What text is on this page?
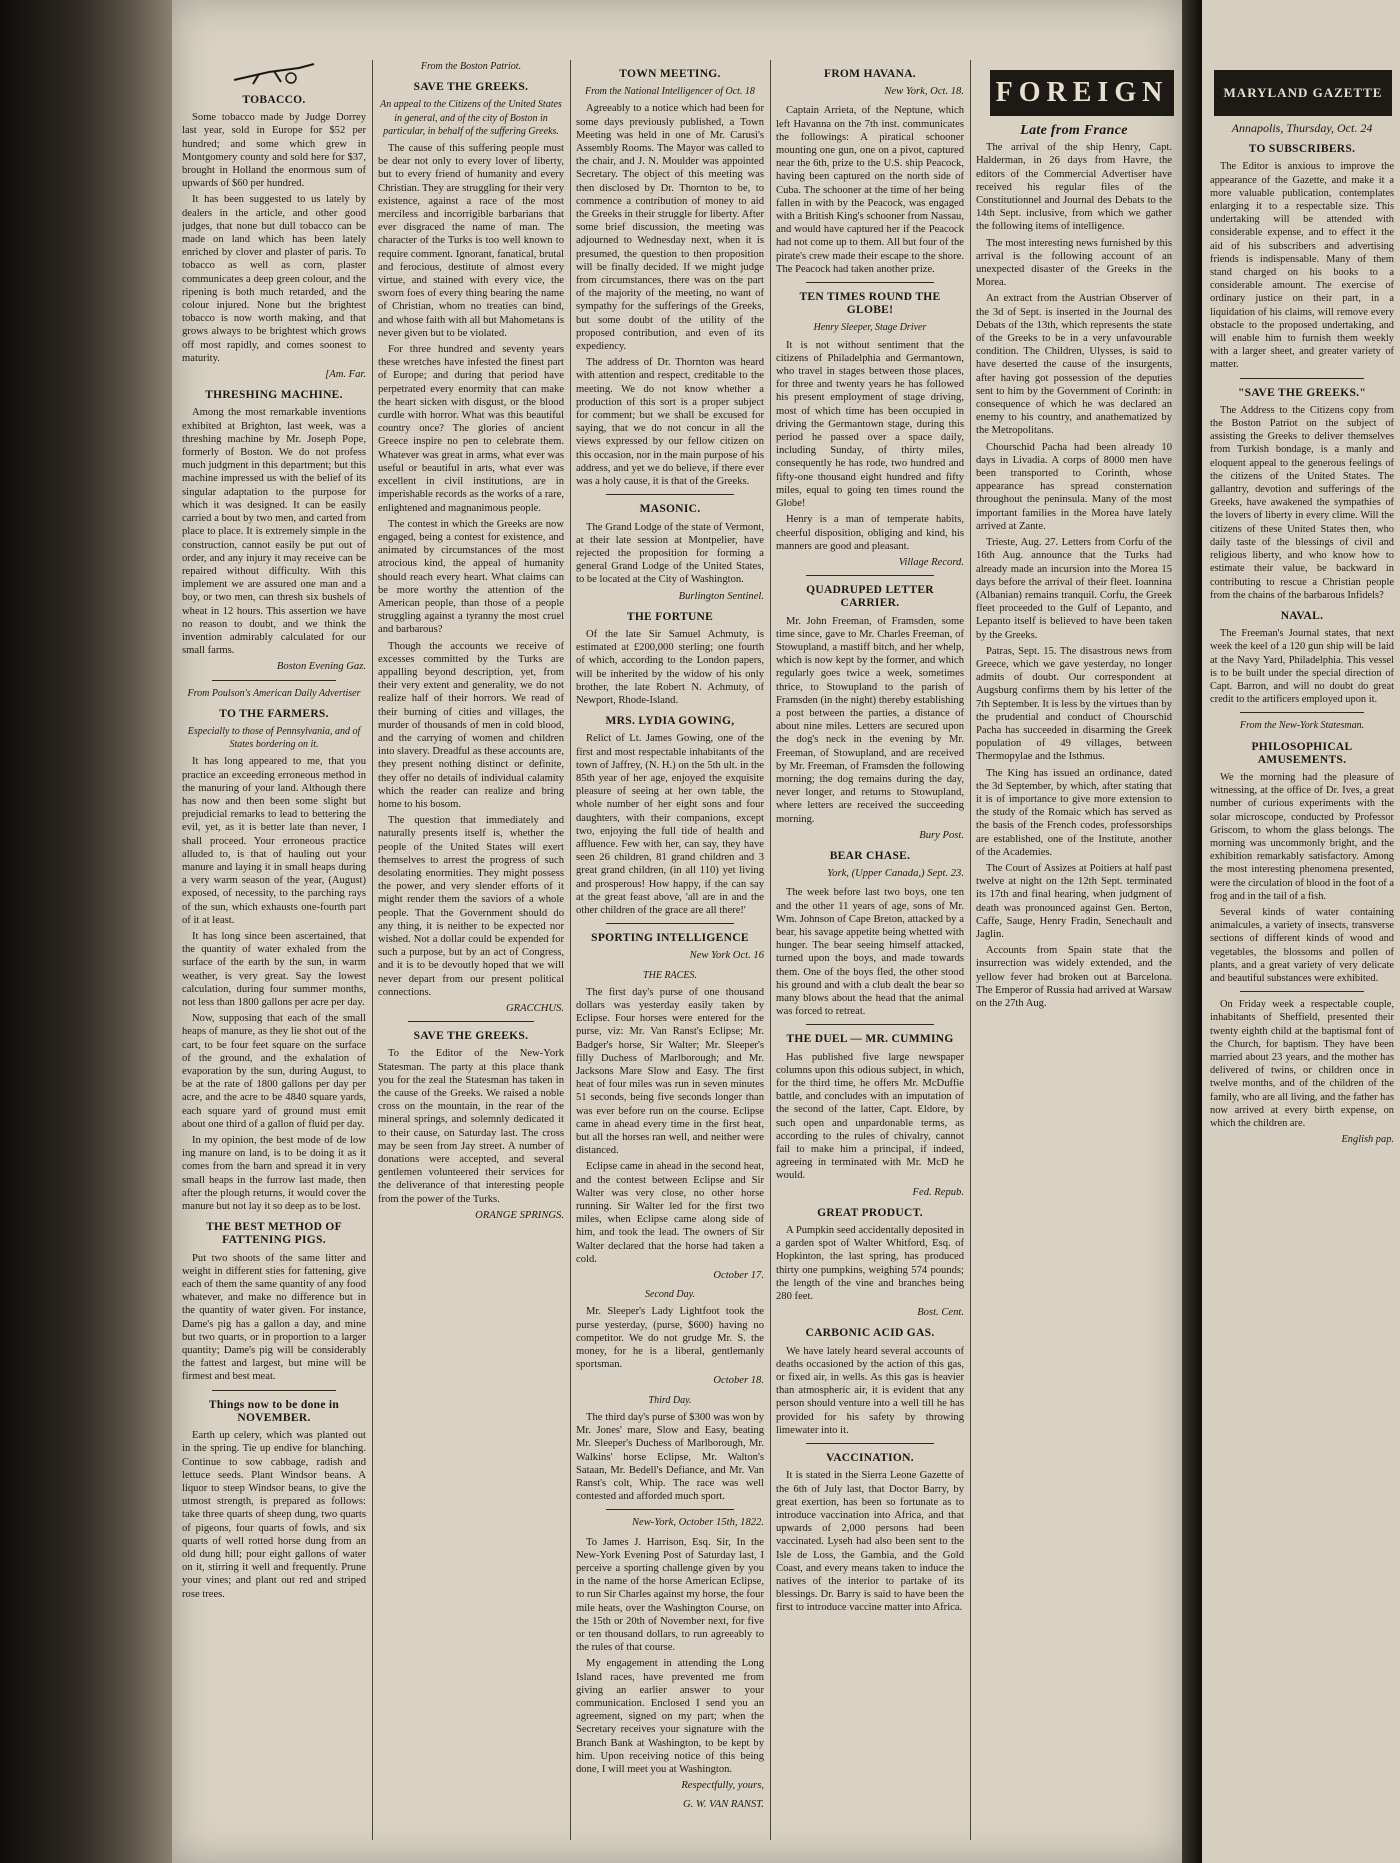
FOREIGN	MARYLAND GAZETTE
TOBACCO.

Some tobacco made by Judge Dorrey last year, sold in Europe for $52 per hundred; and some which grew in Montgomery county and sold here for $37, brought in Holland the enormous sum of upwards of $60 per hundred.

It has been suggested to us lately by dealers in the article, and other good judges, that none but dull tobacco can be made on land which has been lately enriched by clover and plaster of paris. To tobacco as well as corn, plaster communicates a deep green colour, and the ripening is both much retarded, and the colour injured. None but the brightest tobacco is now worth making, and that grows always to be brightest which grows off most rapidly, and comes soonest to maturity.

[Am. Far.
THRESHING MACHINE.

Among the most remarkable inventions exhibited at Brighton, last week, was a threshing machine by Mr. Joseph Pope, formerly of Boston. We do not profess much judgment in this department; but this machine impressed us with the belief of its singular adaptation to the purpose for which it was designed. It can be easily carried a bout by two men, and carted from place to place. It is extremely simple in the construction, cannot easily be put out of order, and any injury it may receive can be repaired without difficulty. With this implement we are assured one man and a boy, or two men, can thresh six bushels of wheat in 12 hours. This assertion we have no reason to doubt, and we think the invention admirably calculated for our small farms.

Boston Evening Gaz.
From Poulson's American Daily Advertiser
TO THE FARMERS.
Especially to those of Pennsylvania, and of States bordering on it.

It has long appeared to me, that you practice an exceeding erroneous method in the manuring of your land. Although there has now and then been some slight but prejudicial remarks to lead to bettering the evil, yet, as it is better late than never, I shall proceed. Your erroneous practice alluded to, is that of hauling out your manure and laying it in small heaps during a very warm season of the year, (August) exposed, of necessity, to the parching rays of the sun, which exhausts one-fourth part of it at least.

It has long since been ascertained, that the quantity of water exhaled from the surface of the earth by the sun, in warm weather, is very great. Say the lowest calculation, during four summer months, not less than 1800 gallons per acre per day.

Now, supposing that each of the small heaps of manure, as they lie shot out of the cart, to be four feet square on the surface of the ground, and the exhalation of evaporation by the sun, during August, to be at the rate of 1800 gallons per day per acre, and the acre to be 4840 square yards, each square yard of ground must emit about one third of a gallon of fluid per day.

In my opinion, the best mode of de low ing manure on land, is to be doing it as it comes from the barn and spread it in very small heaps in the furrow last made, then after the plough returns, it would cover the manure but not lay it so deep as to be lost.

THE BEST METHOD OF FATTENING PIGS.

Put two shoots of the same litter and weight in different sties for fattening, give each of them the same quantity of any food whatever, and make no difference but in the quantity of water given. For instance, Dame's pig has a gallon a day, and mine but two quarts, or in proportion to a larger quantity; Dame's pig will be considerably the fattest and largest, but mine will be firmest and best meat.

Things now to be done in NOVEMBER.

Earth up celery, which was planted out in the spring. Tie up endive for blanching. Continue to sow cabbage, radish and lettuce seeds. Plant Windsor beans. A liquor to steep Windsor beans, to give the utmost strength, is prepared as follows: take three quarts of sheep dung, two quarts of pigeons, four quarts of fowls, and six quarts of well rotted horse dung from an old dung hill; pour eight gallons of water on it, stirring it well and frequently. Prune your vines; and plant out red and striped rose trees.

From the Boston Patriot.
SAVE THE GREEKS.
An appeal to the Citizens of the United States in general, and of the city of Boston in particular, in behalf of the suffering Greeks.

The cause of this suffering people must be dear not only to every lover of liberty, but to every friend of humanity and every Christian. They are struggling for their very existence, against a race of the most merciless and incorrigible barbarians that ever disgraced the name of man. The character of the Turks is too well known to require comment. Ignorant, fanatical, brutal and ferocious, destitute of almost every virtue, and stained with every vice, the sworn foes of every thing bearing the name of Christian, whom no treaties can bind, and whose faith with all but Mahometans is never given but to be violated.

For three hundred and seventy years these wretches have infested the finest part of Europe; and during that period have perpetrated every enormity that can make the heart sicken with disgust, or the blood curdle with horror. What was this beautiful country once? The glories of ancient Greece inspire no pen to celebrate them. Whatever was great in arms, what ever was useful or beautiful in arts, what ever was excellent in civil institutions, are in imperishable records as the works of a rare, enlightened and magnanimous people.

The contest in which the Greeks are now engaged, being a contest for existence, and animated by circumstances of the most atrocious kind, the appeal of humanity should reach every heart. What claims can be more worthy the attention of the American people, than those of a people struggling against a tyranny the most cruel and barbarous?

Though the accounts we receive of excesses committed by the Turks are appalling beyond description, yet, from their very extent and generality, we do not realize half of their horrors. We read of their burning of cities and villages, the murder of thousands of men in cold blood, and the carrying of women and children into slavery. Dreadful as these accounts are, they present nothing distinct or definite, they offer no details of individual calamity which the reader can realize and bring home to his bosom.

The question that immediately and naturally presents itself is, whether the people of the United States will exert themselves to arrest the progress of such desolating enormities. They might possess the power, and very slender efforts of it might render them the saviors of a whole people. That the Government should do any thing, it is neither to be expected nor wished. Not a dollar could be expended for such a purpose, but by an act of Congress, and it is to be devoutly hoped that we will never depart from our present political connections.

GRACCHUS.
SAVE THE GREEKS.

To the Editor of the New-York Statesman. The party at this place thank you for the zeal the Statesman has taken in the cause of the Greeks. We raised a noble cross on the mountain, in the rear of the mineral springs, and solemnly dedicated it to their cause, on Saturday last. The cross may be seen from Jay street. A number of donations were accepted, and several gentlemen volunteered their services for the deliverance of that interesting people from the power of the Turks.

ORANGE SPRINGS.
TOWN MEETING.
From the National Intelligencer of Oct. 18

Agreeably to a notice which had been for some days previously published, a Town Meeting was held in one of Mr. Carusi's Assembly Rooms. The Mayor was called to the chair, and J. N. Moulder was appointed Secretary. The object of this meeting was then disclosed by Dr. Thornton to be, to commence a contribution of money to aid the Greeks in their struggle for liberty. After some brief discussion, the meeting was adjourned to Wednesday next, when it is presumed, the question to then proposition will be finally decided. If we might judge from circumstances, there was on the part of the majority of the meeting, no want of sympathy for the sufferings of the Greeks, but some doubt of the utility of the proposed contribution, and even of its expediency.

The address of Dr. Thornton was heard with attention and respect, creditable to the meeting. We do not know whether a production of this sort is a proper subject for comment; but we shall be excused for saying, that we do not concur in all the views expressed by our fellow citizen on this occasion, nor in the main purpose of his address, and yet we do believe, if there ever was a holy cause, it is that of the Greeks.

MASONIC.

The Grand Lodge of the state of Vermont, at their late session at Montpelier, have rejected the proposition for forming a general Grand Lodge of the United States, to be located at the City of Washington.

Burlington Sentinel.
THE FORTUNE

Of the late Sir Samuel Achmuty, is estimated at £200,000 sterling; one fourth of which, according to the London papers, will be inherited by the widow of his only brother, the late Robert N. Achmuty, of Newport, Rhode-Island.

MRS. LYDIA GOWING,

Relict of Lt. James Gowing, one of the first and most respectable inhabitants of the town of Jaffrey, (N. H.) on the 5th ult. in the 85th year of her age, enjoyed the exquisite pleasure of seeing at her own table, the whole number of her eight sons and four daughters, with their companions, except two, enjoying the full tide of health and affluence. Few with her, can say, they have seen 26 children, 81 grand children and 3 great grand children, (in all 110) yet living and prosperous! How happy, if the can say at the great feast above, 'all are in and the other children of the grace are all there!'

SPORTING INTELLIGENCE
New York Oct. 16
THE RACES.

The first day's purse of one thousand dollars was yesterday easily taken by Eclipse. Four horses were entered for the purse, viz: Mr. Van Ranst's Eclipse; Mr. Badger's horse, Sir Walter; Mr. Sleeper's filly Duchess of Marlborough; and Mr. Jacksons Mare Slow and Easy. The first heat of four miles was run in seven minutes 51 seconds, being five seconds longer than was ever before run on the course. Eclipse came in ahead every time in the first heat, but all the horses ran well, and neither were distanced.

Eclipse came in ahead in the second heat, and the contest between Eclipse and Sir Walter was very close, no other horse running. Sir Walter led for the first two miles, when Eclipse came along side of him, and took the lead. The owners of Sir Walter declared that the horse had taken a cold.

October 17.
Second Day.

Mr. Sleeper's Lady Lightfoot took the purse yesterday, (purse, $600) having no competitor. We do not grudge Mr. S. the money, for he is a liberal, gentlemanly sportsman.

October 18.
Third Day.

The third day's purse of $300 was won by Mr. Jones' mare, Slow and Easy, beating Mr. Sleeper's Duchess of Marlborough, Mr. Walkins' horse Eclipse, Mr. Walton's Sataan, Mr. Bedell's Defiance, and Mr. Van Ranst's colt, Whip. The race was well contested and afforded much sport.

New-York, October 15th, 1822.

To James J. Harrison, Esq. Sir, In the New-York Evening Post of Saturday last, I perceive a sporting challenge given by you in the name of the horse American Eclipse, to run Sir Charles against my horse, the four mile heats, over the Washington Course, on the 15th or 20th of November next, for five or ten thousand dollars, to run agreeably to the rules of that course.

My engagement in attending the Long Island races, have prevented me from giving an earlier answer to your communication. Enclosed I send you an agreement, signed on my part; when the Secretary receives your signature with the Branch Bank at Washington, to be kept by him. Upon receiving notice of this being done, I will meet you at Washington.

Respectfully, yours,
G. W. VAN RANST.
FROM HAVANA.
New York, Oct. 18.

Captain Arrieta, of the Neptune, which left Havanna on the 7th inst. communicates the followings: A piratical schooner mounting one gun, one on a pivot, captured near the 6th, prize to the U.S. ship Peacock, having been captured on the north side of Cuba. The schooner at the time of her being fallen in with by the Peacock, was engaged with a British King's schooner from Nassau, and would have captured her if the Peacock had not come up to them. All but four of the pirate's crew made their escape to the shore. The Peacock had taken another prize.

TEN TIMES ROUND THE GLOBE!
Henry Sleeper, Stage Driver

It is not without sentiment that the citizens of Philadelphia and Germantown, who travel in stages between those places, for three and twenty years he has followed his present employment of stage driving, most of which time has been occupied in driving the Germantown stage, during this period he passed over a space daily, including Sunday, of thirty miles, consequently he has rode, two hundred and fifty-one thousand eight hundred and fifty miles, equal to going ten times round the Globe!

Henry is a man of temperate habits, cheerful disposition, obliging and kind, his manners are good and pleasant.

Village Record.
QUADRUPED LETTER CARRIER.

Mr. John Freeman, of Framsden, some time since, gave to Mr. Charles Freeman, of Stowupland, a mastiff bitch, and her whelp, which is now kept by the former, and which regularly goes twice a week, sometimes thrice, to Stowupland to the parish of Framsden (in the night) thereby establishing a post between the parties, a distance of about nine miles. Letters are secured upon the dog's neck in the evening by Mr. Freeman, of Stowupland, and are received by Mr. Freeman, of Framsden the following morning; the dog remains during the day, never longer, and returns to Stowupland, where letters are received the succeeding morning.

Bury Post.
BEAR CHASE.
York, (Upper Canada,) Sept. 23.

The week before last two boys, one ten and the other 11 years of age, sons of Mr. Wm. Johnson of Cape Breton, attacked by a bear, his savage appetite being whetted with hunger. The bear seeing himself attacked, turned upon the boys, and made towards them. One of the boys fled, the other stood his ground and with a club dealt the bear so many blows about the head that the animal was forced to retreat.

THE DUEL — MR. CUMMING

Has published five large newspaper columns upon this odious subject, in which, for the third time, he offers Mr. McDuffie battle, and concludes with an imputation of the second of the latter, Capt. Eldore, by such open and unpardonable terms, as according to the rules of chivalry, cannot fail to make him a principal, if indeed, agreeing in terminated with Mr. McD he would.

Fed. Repub.
GREAT PRODUCT.

A Pumpkin seed accidentally deposited in a garden spot of Walter Whitford, Esq. of Hopkinton, the last spring, has produced thirty one pumpkins, weighing 574 pounds; the length of the vine and branches being 280 feet.

Bost. Cent.
CARBONIC ACID GAS.

We have lately heard several accounts of deaths occasioned by the action of this gas, or fixed air, in wells. As this gas is heavier than atmospheric air, it is evident that any person should venture into a well till he has provided for his safety by throwing limewater into it.

VACCINATION.

It is stated in the Sierra Leone Gazette of the 6th of July last, that Doctor Barry, by great exertion, has been so fortunate as to introduce vaccination into Africa, and that upwards of 2,000 persons had been vaccinated. Lyseh had also been sent to the Isle de Loss, the Gambia, and the Gold Coast, and every means taken to induce the natives of the interior to partake of its blessings. Dr. Barry is said to have been the first to introduce vaccine matter into Africa.

Late from France

The arrival of the ship Henry, Capt. Halderman, in 26 days from Havre, the editors of the Commercial Advertiser have received his regular files of the Constitutionnel and Journal des Debats to the 14th Sept. inclusive, from which we gather the following items of intelligence.

The most interesting news furnished by this arrival is the following account of an unexpected disaster of the Greeks in the Morea.

An extract from the Austrian Observer of the 3d of Sept. is inserted in the Journal des Debats of the 13th, which represents the state of the Greeks to be in a very unfavourable condition. The Children, Ulysses, is said to have deserted the cause of the insurgents, after having got possession of the deputies sent to him by the Government of Corinth: in consequence of which he was declared an enemy to his country, and anathematized by the Metropolitans.

Chourschid Pacha had been already 10 days in Livadia. A corps of 8000 men have been transported to Corinth, whose appearance has spread consternation throughout the peninsula. Many of the most important families in the Morea have lately arrived at Zante.

Trieste, Aug. 27. Letters from Corfu of the 16th Aug. announce that the Turks had already made an incursion into the Morea 15 days before the arrival of their fleet. Ioannina (Albanian) remains tranquil. Corfu, the Greek fleet proceeded to the Gulf of Lepanto, and Lepanto itself is believed to have been taken by the Greeks.

Patras, Sept. 15. The disastrous news from Greece, which we gave yesterday, no longer admits of doubt. Our correspondent at Augsburg confirms them by his letter of the 7th September. It is less by the virtues than by the prudential and conduct of Chourschid Pacha has succeeded in disarming the Greek population of 49 villages, between Thermopylae and the Isthmus.

The King has issued an ordinance, dated the 3d September, by which, after stating that it is of importance to give more extension to the study of the Romaic which has served as the basis of the French codes, professorships are established, one of the Institute, another of the Academies.

The Court of Assizes at Poitiers at half past twelve at night on the 12th Sept. terminated its 17th and final hearing, when judgment of death was pronounced against Gen. Berton, Caffe, Sauge, Henry Fradin, Senechault and Jaglin.

Accounts from Spain state that the insurrection was widely extended, and the yellow fever had broken out at Barcelona. The Emperor of Russia had arrived at Warsaw on the 27th Aug.

Annapolis, Thursday, Oct. 24
TO SUBSCRIBERS.

The Editor is anxious to improve the appearance of the Gazette, and make it a more valuable publication, contemplates enlarging it to a respectable size. This undertaking will be attended with considerable expense, and to effect it the aid of his subscribers and advertising friends is indispensable. Many of them stand charged on his books to a considerable amount. The exercise of ordinary justice on their part, in a liquidation of his claims, will remove every obstacle to the proposed undertaking, and will enable him to furnish them weekly with a larger sheet, and greater variety of matter.

"SAVE THE GREEKS."

The Address to the Citizens copy from the Boston Patriot on the subject of assisting the Greeks to deliver themselves from Turkish bondage, is a manly and eloquent appeal to the generous feelings of the citizens of the United States. The gallantry, devotion and sufferings of the Greeks, have awakened the sympathies of the lovers of liberty in every clime. Will the citizens of these United States then, who daily taste of the blessings of civil and religious liberty, and who know how to estimate their value, be backward in contributing to rescue a Christian people from the chains of the barbarous Infidels?

NAVAL.

The Freeman's Journal states, that next week the keel of a 120 gun ship will be laid at the Navy Yard, Philadelphia. This vessel is to be built under the special direction of Capt. Barron, and will no doubt do great credit to the artificers employed upon it.

From the New-York Statesman.
PHILOSOPHICAL AMUSEMENTS.

We the morning had the pleasure of witnessing, at the office of Dr. Ives, a great number of curious experiments with the solar microscope, conducted by Professor Griscom, to whom the glass belongs. The morning was uncommonly bright, and the exhibition remarkably satisfactory. Among the most interesting phenomena presented, were the circulation of blood in the foot of a frog and in the tail of a fish.

Several kinds of water containing animalcules, a variety of insects, transverse sections of different kinds of wood and vegetables, the blossoms and pollen of plants, and a great variety of very delicate and beautiful substances were exhibited.

On Friday week a respectable couple, inhabitants of Sheffield, presented their twenty eighth child at the baptismal font of the Church, for baptism. They have been married about 23 years, and the mother has delivered of twins, or children once in twelve months, and of the children of the family, who are all living, and the father has now arrived at every birth expense, on which the children are.

English pap.
